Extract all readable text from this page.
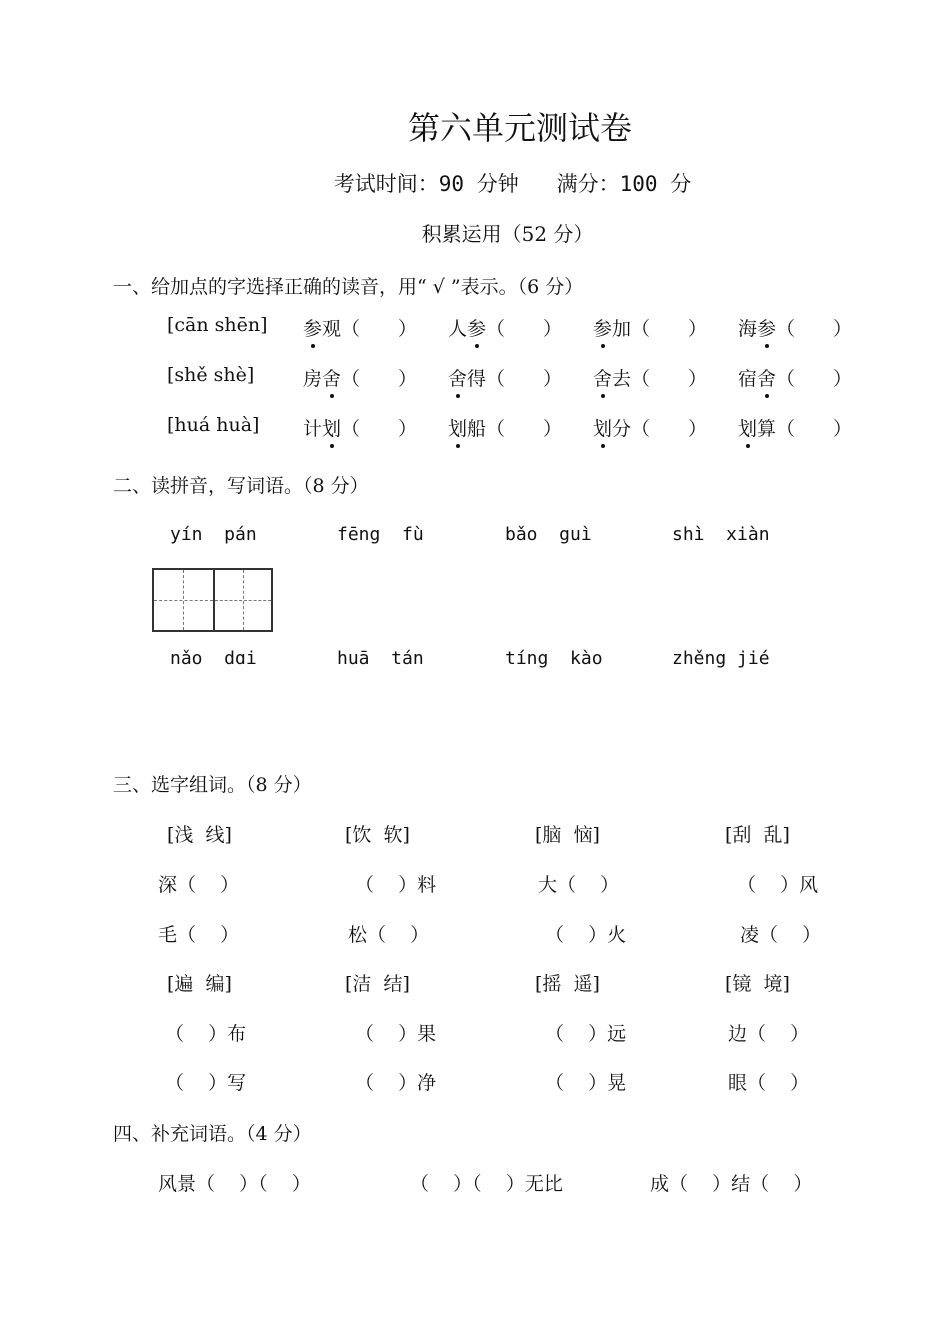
第六单元测试卷
考试时间：90 分钟   满分：100 分
积累运用（52 分）
一、给加点的字选择正确的读音，用“ √ ”表示。（6 分）
[cān shēn] 参观（　　） 人参（　　） 参加（　　） 海参（　　）
[shě shè]	房舍（　　） 舍得（　　） 舍去（　　） 宿舍（　　）
[huá huà] 计划（　　） 划船（　　） 划分（　　） 划算（　　）
二、读拼音，写词语。（8 分）
yín  pán	fēng  fù	bǎo  guì	shì  xiàn
nǎo  dɑi	huā  tán	tíng  kào	zhěng jié
三、选字组词。（8 分）
[浅  线]	[饮  软]	[脑  恼]	[刮  乱]
深（    ）	（    ）料	大（    ）	（    ）风
毛（    ）	松（    ）	（    ）火	凌（    ）
[遍  编]	[洁  结]	[摇  遥]	[镜  境]
（    ）布	（    ）果	（    ）远	边（    ）
（    ）写	（    ）净	（    ）晃	眼（    ）
四、补充词语。（4 分）
风景（    ）（    ）	（    ）（    ）无比	成（    ）结（    ）
